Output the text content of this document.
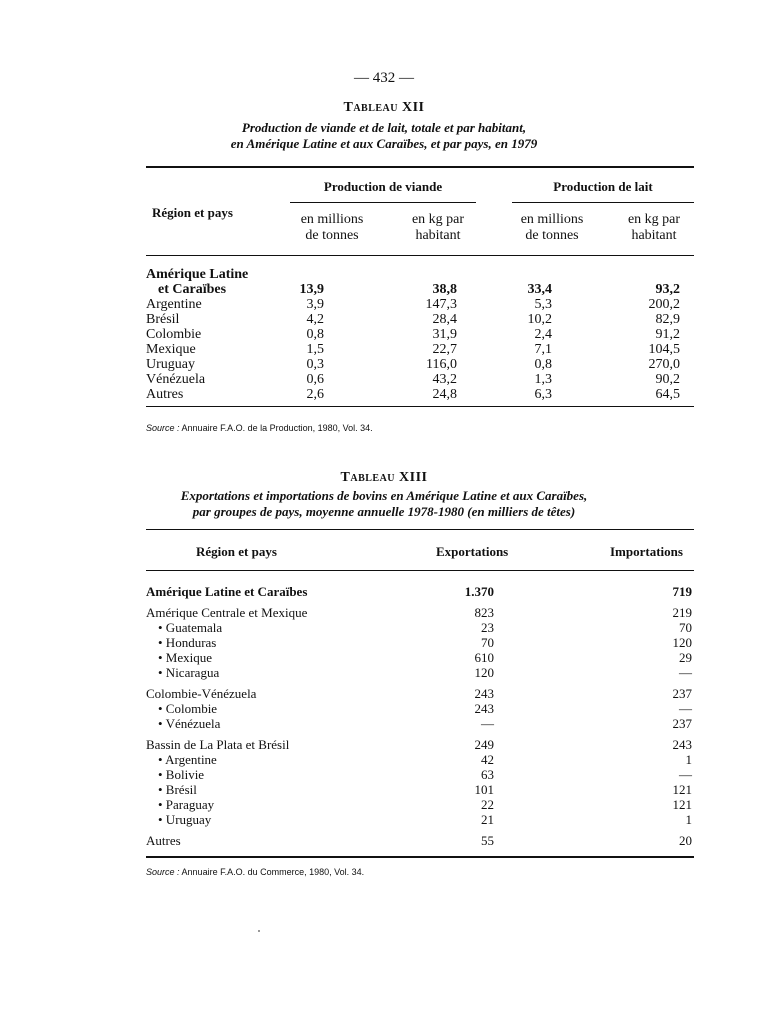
— 432 —
Tableau XII
Production de viande et de lait, totale et par habitant,
en Amérique Latine et aux Caraïbes, et par pays, en 1979
Région et pays
Production de viande	Production de lait
en millions
de tonnes
en kg par
habitant
en millions
de tonnes
en kg par
habitant
Amérique Latine
et Caraïbes	13,9	38,8	33,4	93,2
Argentine	3,9	147,3	5,3	200,2
Brésil	4,2	28,4	10,2	82,9
Colombie	0,8	31,9	2,4	91,2
Mexique	1,5	22,7	7,1	104,5
Uruguay	0,3	116,0	0,8	270,0
Vénézuela	0,6	43,2	1,3	90,2
Autres	2,6	24,8	6,3	64,5
Source : Annuaire F.A.O. de la Production, 1980, Vol. 34.
Tableau XIII
Exportations et importations de bovins en Amérique Latine et aux Caraïbes,
par groupes de pays, moyenne annuelle 1978-1980 (en milliers de têtes)
Région et pays	Exportations	Importations
Amérique Latine et Caraïbes	1.370	719
Amérique Centrale et Mexique	823	219
• Guatemala	23	70
• Honduras	70	120
• Mexique	610	29
• Nicaragua	120	—
Colombie-Vénézuela	243	237
• Colombie	243	—
• Vénézuela	—	237
Bassin de La Plata et Brésil	249	243
• Argentine	42	1
• Bolivie	63	—
• Brésil	101	121
• Paraguay	22	121
• Uruguay	21	1
Autres	55	20
Source : Annuaire F.A.O. du Commerce, 1980, Vol. 34.
